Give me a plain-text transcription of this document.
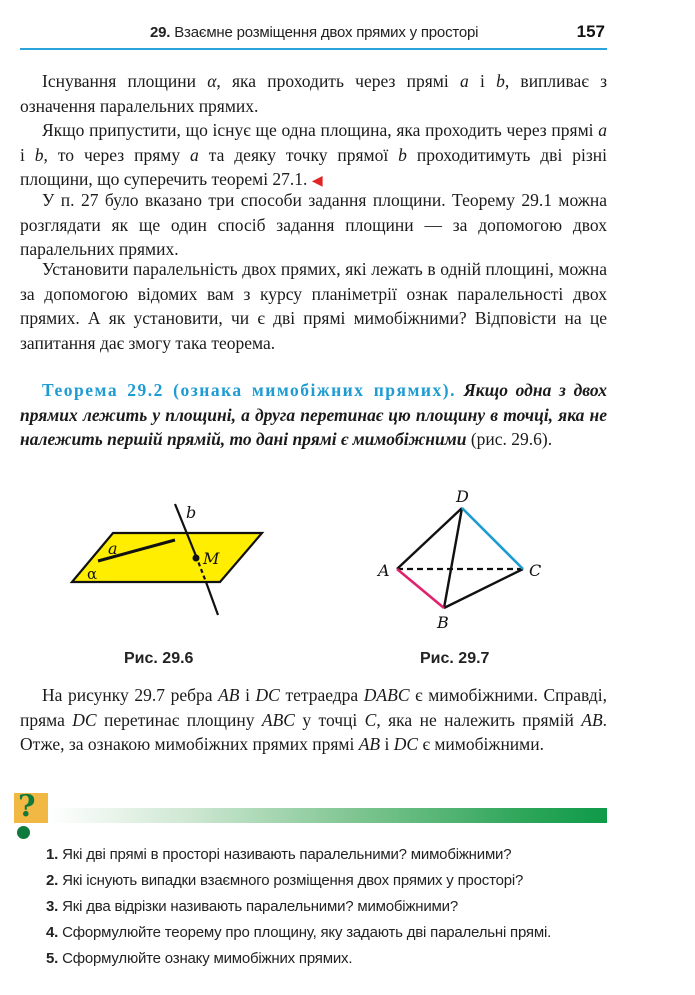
29. Взаємне розміщення двох прямих у просторі	157
Існування площини α, яка проходить через прямі a і b, випливає з означення паралельних прямих.
Якщо припустити, що існує ще одна площина, яка проходить через прямі a і b, то через пряму a та деяку точку прямої b проходитимуть дві різні площини, що суперечить теоремі 27.1. ◀
У п. 27 було вказано три способи задання площини. Теорему 29.1 можна розглядати як ще один спосіб задання площини — за допомогою двох паралельних прямих.
Установити паралельність двох прямих, які лежать в одній площині, можна за допомогою відомих вам з курсу планіметрії ознак паралельності двох прямих. А як установити, чи є дві прямі мимобіжними? Відповісти на це запитання дає змогу така теорема.
Теорема 29.2 (ознака мимобіжних прямих). Якщо одна з двох прямих лежить у площині, а друга перетинає цю площину в точці, яка не належить першій прямій, то дані прямі є мимобіжними (рис. 29.6).
b
a
α
M
Рис. 29.6
D
A	C
B
Рис. 29.7
На рисунку 29.7 ребра AB і DC тетраедра DABC є мимобіжними. Справді, пряма DC перетинає площину ABC у точці C, яка не належить прямій AB. Отже, за ознакою мимобіжних прямих прямі AB і DC є мимобіжними.
?
1. Які дві прямі в просторі називають паралельними? мимобіжними?
2. Які існують випадки взаємного розміщення двох прямих у просторі?
3. Які два відрізки називають паралельними? мимобіжними?
4. Сформулюйте теорему про площину, яку задають дві паралельні прямі.
5. Сформулюйте ознаку мимобіжних прямих.
